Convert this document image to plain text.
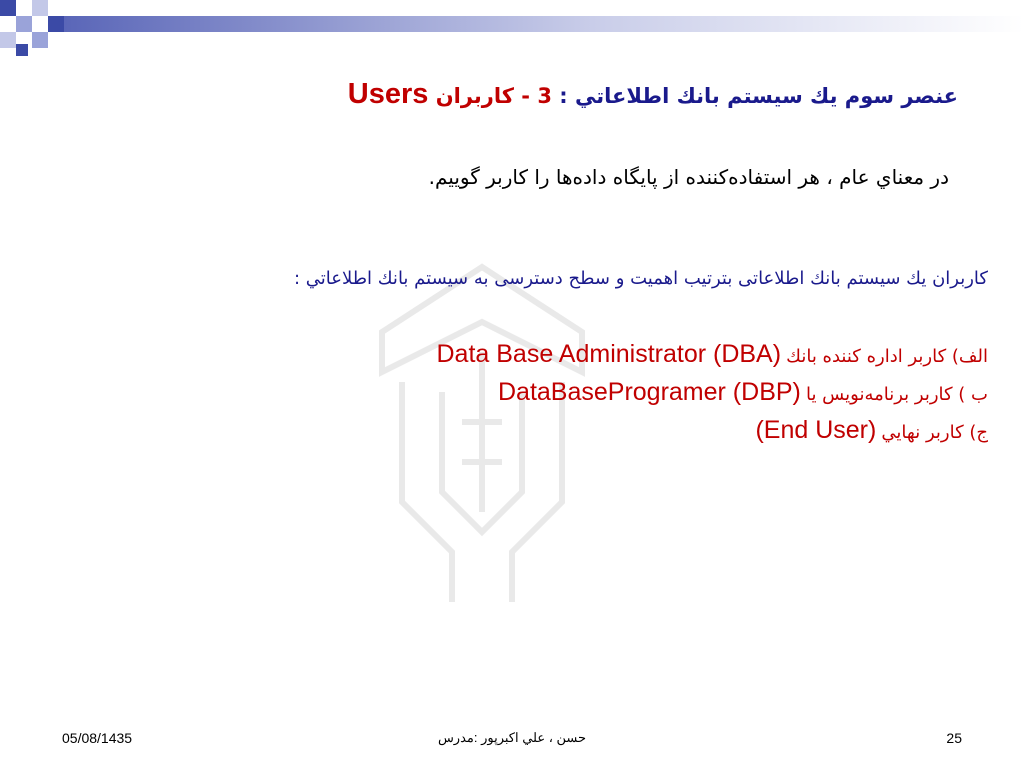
عنصر سوم يك سيستم بانك اطلاعاتي : 3 - كاربران Users
در معناي عام ، هر استفاده‌كننده از پايگاه داده‌ها را كاربر گوييم.
كاربران يك سيستم بانك اطلاعاتی بترتیب اهمیت و سطح دسترسی به سیستم بانك اطلاعاتي :
الف) كاربر اداره كننده بانك Data Base Administrator (DBA)
ب ) كاربر برنامه‌نويس يا DataBaseProgramer (DBP)
ج) كاربر نهايي (End User)
05/08/1435	حسن ، علي اكبرپور :مدرس	25
